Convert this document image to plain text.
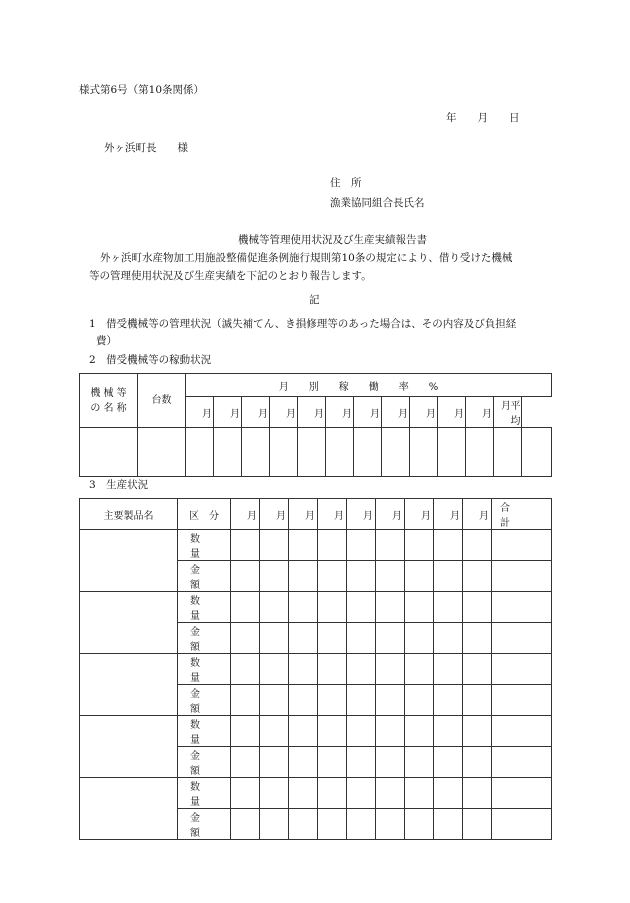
様式第6号（第10条関係）
年　　月　　日
外ヶ浜町長　　様
住　所
漁業協同組合長氏名
機械等管理使用状況及び生産実績報告書
外ヶ浜町水産物加工用施設整備促進条例施行規則第10条の規定により、借り受けた機械
等の管理使用状況及び生産実績を下記のとおり報告します。
記
1　借受機械等の管理状況（滅失補てん、き損修理等のあった場合は、その内容及び負担経
費）
2　借受機械等の稼動状況
機 械 等
の 名 称	台数	月別稼働率%												
		月	月	月	月	月	月	月	月	月	月	月	月平均	

3　生産状況
主要製品名	区　分	月	月	月	月	月	月	月	月	月	合計
	数量										
	金額										
	数量										
	金額										
	数量										
	金額										
	数量										
	金額										
	数量										
	金額										
